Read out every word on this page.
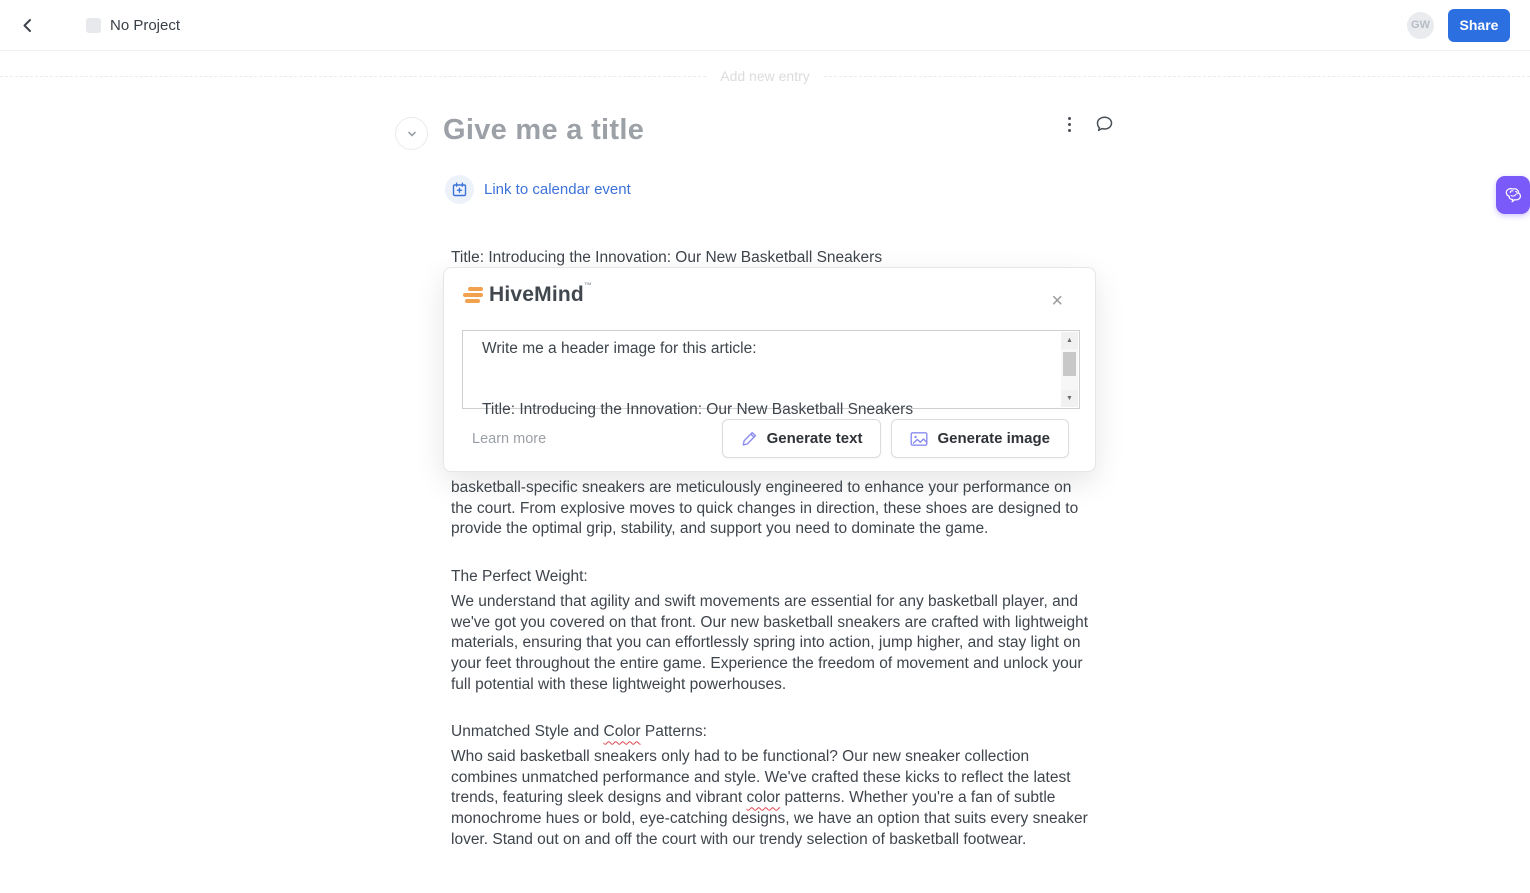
No Project	GW	Share
Add new entry
Give me a title
Link to calendar event
Title: Introducing the Innovation: Our New Basketball Sneakers
HiveMind™
×
Write me a header image for this article:
Title: Introducing the Innovation: Our New Basketball Sneakers
▲
▼
Learn more	Generate text	Generate image

basketball-specific sneakers are meticulously engineered to enhance your performance on the court. From explosive moves to quick changes in direction, these shoes are designed to provide the optimal grip, stability, and support you need to dominate the game.

The Perfect Weight:

We understand that agility and swift movements are essential for any basketball player, and we've got you covered on that front. Our new basketball sneakers are crafted with lightweight materials, ensuring that you can effortlessly spring into action, jump higher, and stay light on your feet throughout the entire game. Experience the freedom of movement and unlock your full potential with these lightweight powerhouses.

Unmatched Style and Color Patterns:

Who said basketball sneakers only had to be functional? Our new sneaker collection combines unmatched performance and style. We've crafted these kicks to reflect the latest trends, featuring sleek designs and vibrant color patterns. Whether you're a fan of subtle monochrome hues or bold, eye-catching designs, we have an option that suits every sneaker lover. Stand out on and off the court with our trendy selection of basketball footwear.
